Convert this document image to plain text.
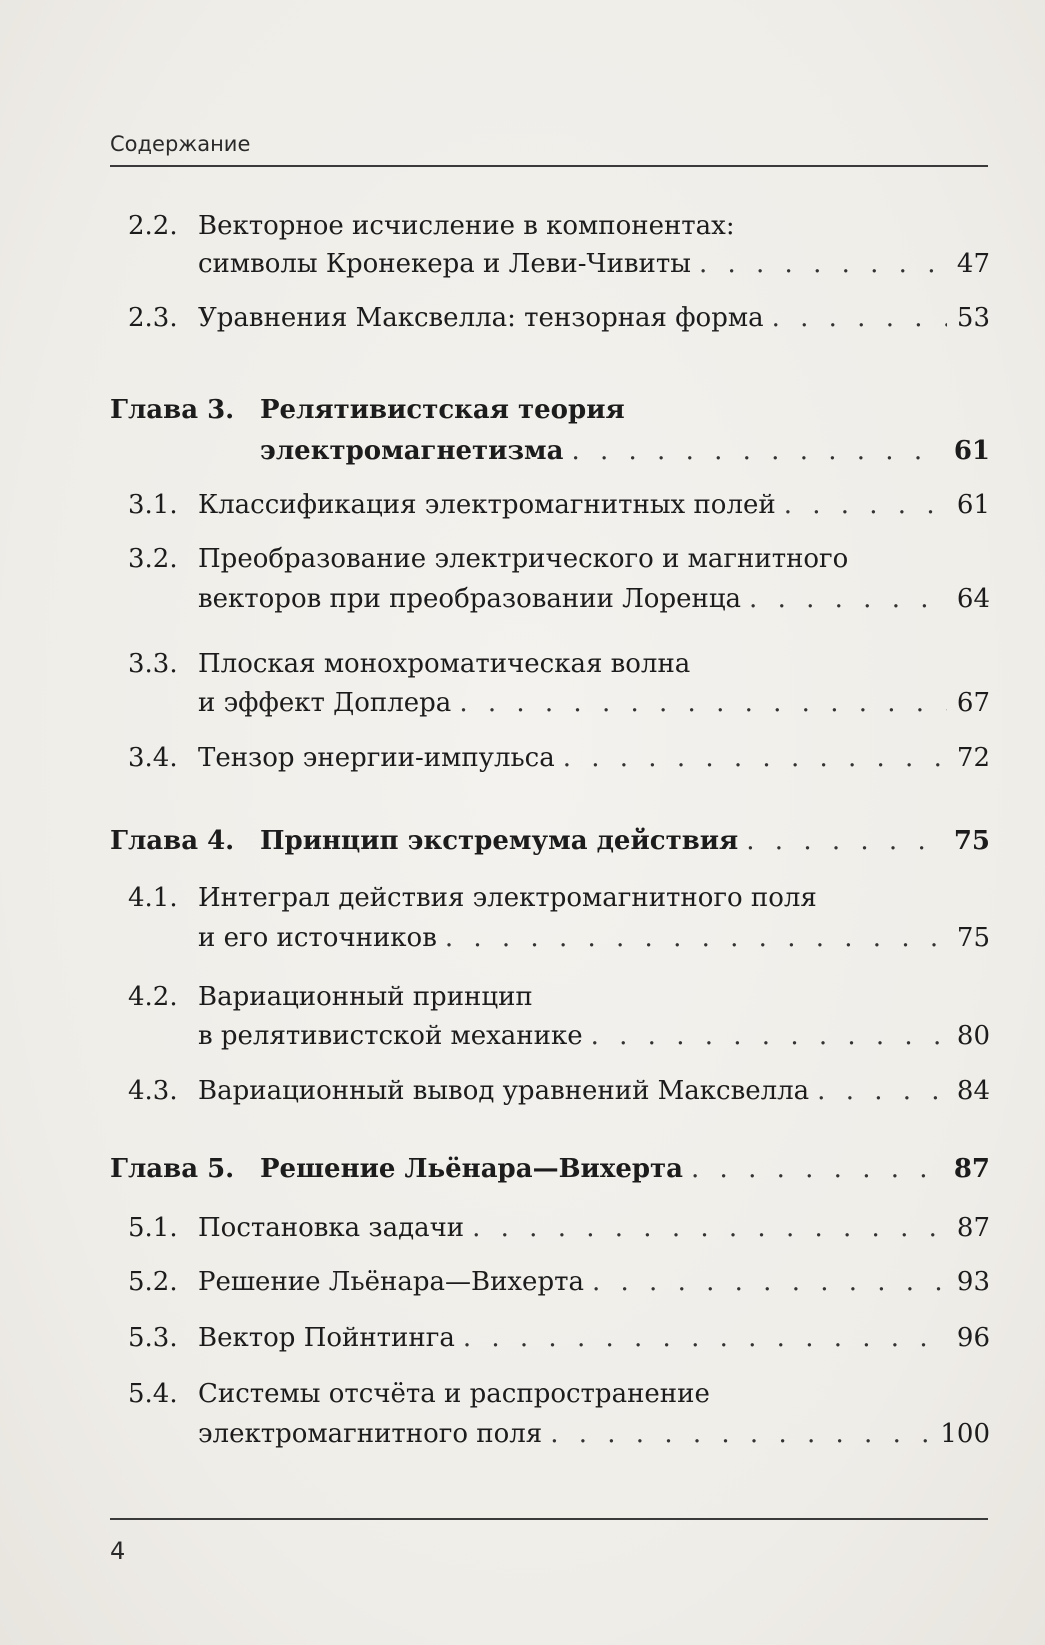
Содержание
2.2. Векторное исчисление в компонентах:
символы Кронекера и Леви-Чивиты . . .	47
2.3. Уравнения Максвелла: тензорная форма . . .	53
Глава 3. Релятивистская теория
электромагнетизма . . .	61
3.1. Классификация электромагнитных полей . . .	61
3.2. Преобразование электрического и магнитного
векторов при преобразовании Лоренца . . .	64
3.3. Плоская монохроматическая волна
и эффект Доплера . . .	67
3.4. Тензор энергии-импульса . . .	72
Глава 4. Принцип экстремума действия . . .	75
4.1. Интеграл действия электромагнитного поля
и его источников . . .	75
4.2. Вариационный принцип
в релятивистской механике . . .	80
4.3. Вариационный вывод уравнений Максвелла . . .	84
Глава 5. Решение Льёнара—Вихерта . . .	87
5.1. Постановка задачи . . .	87
5.2. Решение Льёнара—Вихерта . . .	93
5.3. Вектор Пойнтинга . . .	96
5.4. Системы отсчёта и распространение
электромагнитного поля . . .	100
4
